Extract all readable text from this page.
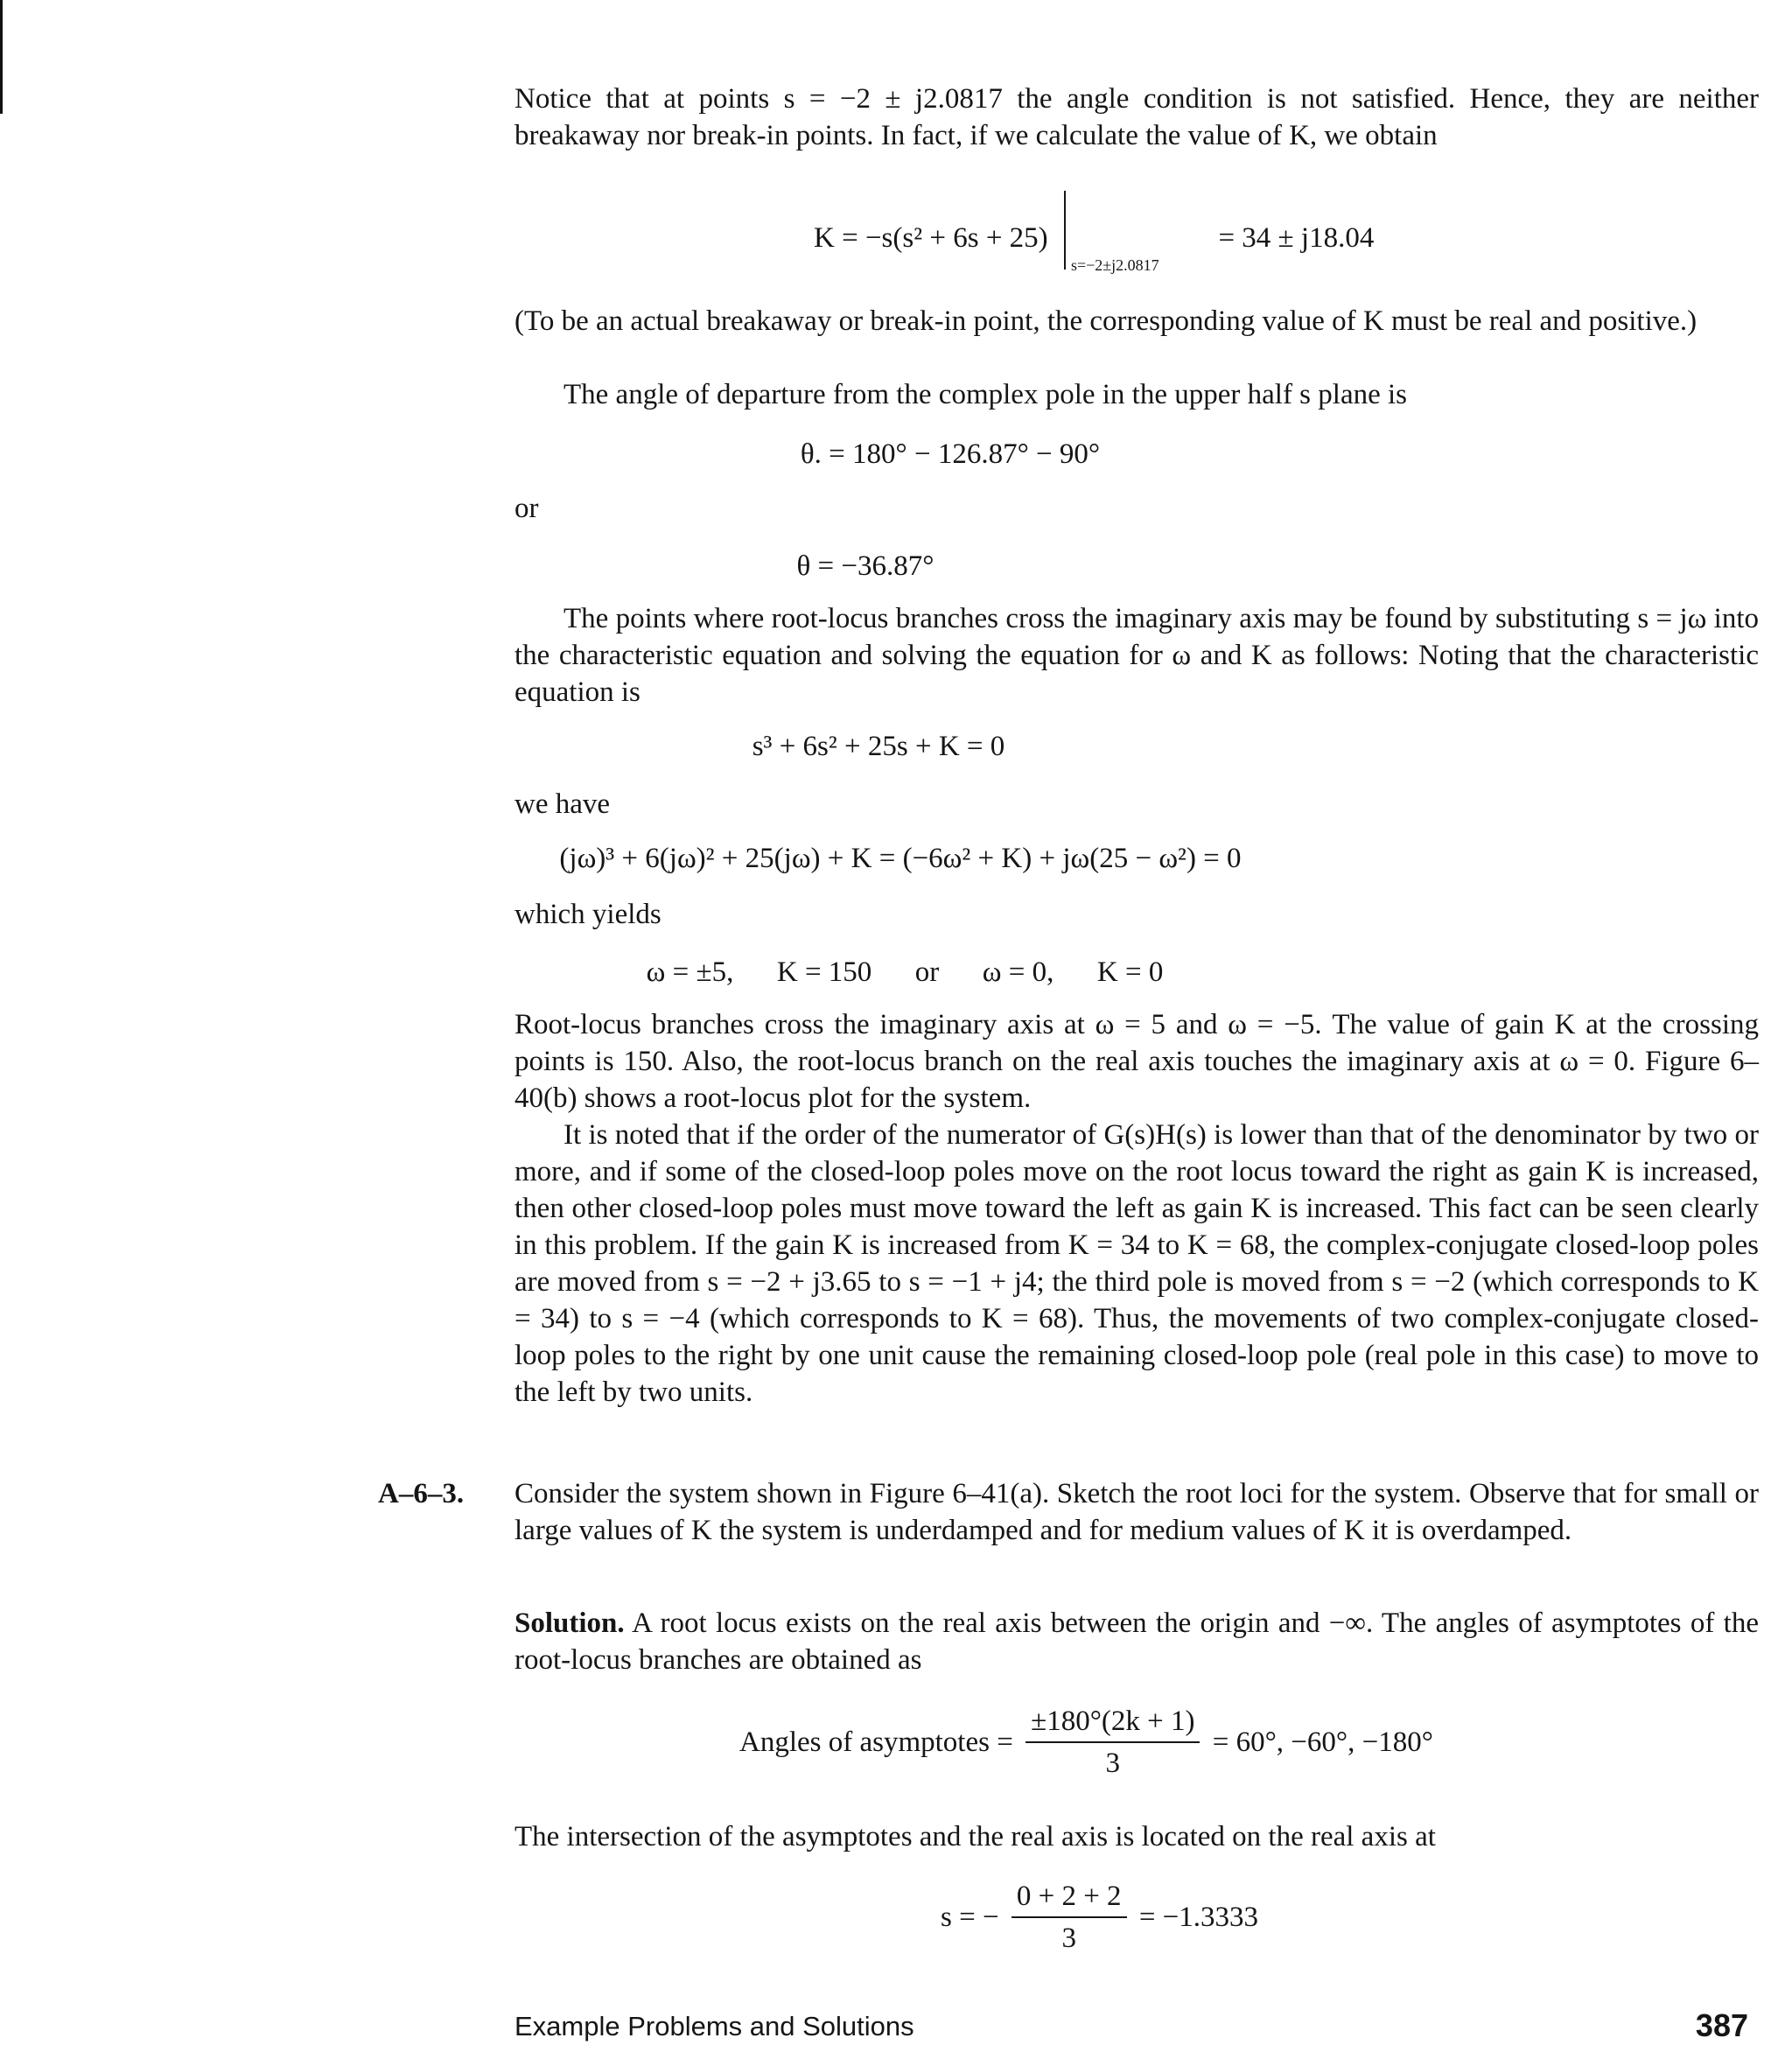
Notice that at points s = −2 ± j2.0817 the angle condition is not satisfied. Hence, they are neither breakaway nor break-in points. In fact, if we calculate the value of K, we obtain
K = −s(s² + 6s + 25)
s=−2±j2.0817
= 34 ± j18.04
(To be an actual breakaway or break-in point, the corresponding value of K must be real and positive.)
The angle of departure from the complex pole in the upper half s plane is
θ. = 180° − 126.87° − 90°
or
θ = −36.87°
The points where root-locus branches cross the imaginary axis may be found by substituting s = jω into the characteristic equation and solving the equation for ω and K as follows: Noting that the characteristic equation is
s³ + 6s² + 25s + K = 0
we have
(jω)³ + 6(jω)² + 25(jω) + K = (−6ω² + K) + jω(25 − ω²) = 0
which yields
ω = ±5,      K = 150      or      ω = 0,      K = 0
Root-locus branches cross the imaginary axis at ω = 5 and ω = −5. The value of gain K at the crossing points is 150. Also, the root-locus branch on the real axis touches the imaginary axis at ω = 0. Figure 6–40(b) shows a root-locus plot for the system.
It is noted that if the order of the numerator of G(s)H(s) is lower than that of the denominator by two or more, and if some of the closed-loop poles move on the root locus toward the right as gain K is increased, then other closed-loop poles must move toward the left as gain K is increased. This fact can be seen clearly in this problem. If the gain K is increased from K = 34 to K = 68, the complex-conjugate closed-loop poles are moved from s = −2 + j3.65 to s = −1 + j4; the third pole is moved from s = −2 (which corresponds to K = 34) to s = −4 (which corresponds to K = 68). Thus, the movements of two complex-conjugate closed-loop poles to the right by one unit cause the remaining closed-loop pole (real pole in this case) to move to the left by two units.
A–6–3. Consider the system shown in Figure 6–41(a). Sketch the root loci for the system. Observe that for small or large values of K the system is underdamped and for medium values of K it is overdamped.
Solution. A root locus exists on the real axis between the origin and −∞. The angles of asymptotes of the root-locus branches are obtained as
Angles of asymptotes = $\frac{\pm 180^\circ(2k + 1)}{3} = 60^\circ$, −60°, −180°
The intersection of the asymptotes and the real axis is located on the real axis at
s = − $\frac{0 + 2 + 2}{3} = -1.3333$
Example Problems and Solutions	387
